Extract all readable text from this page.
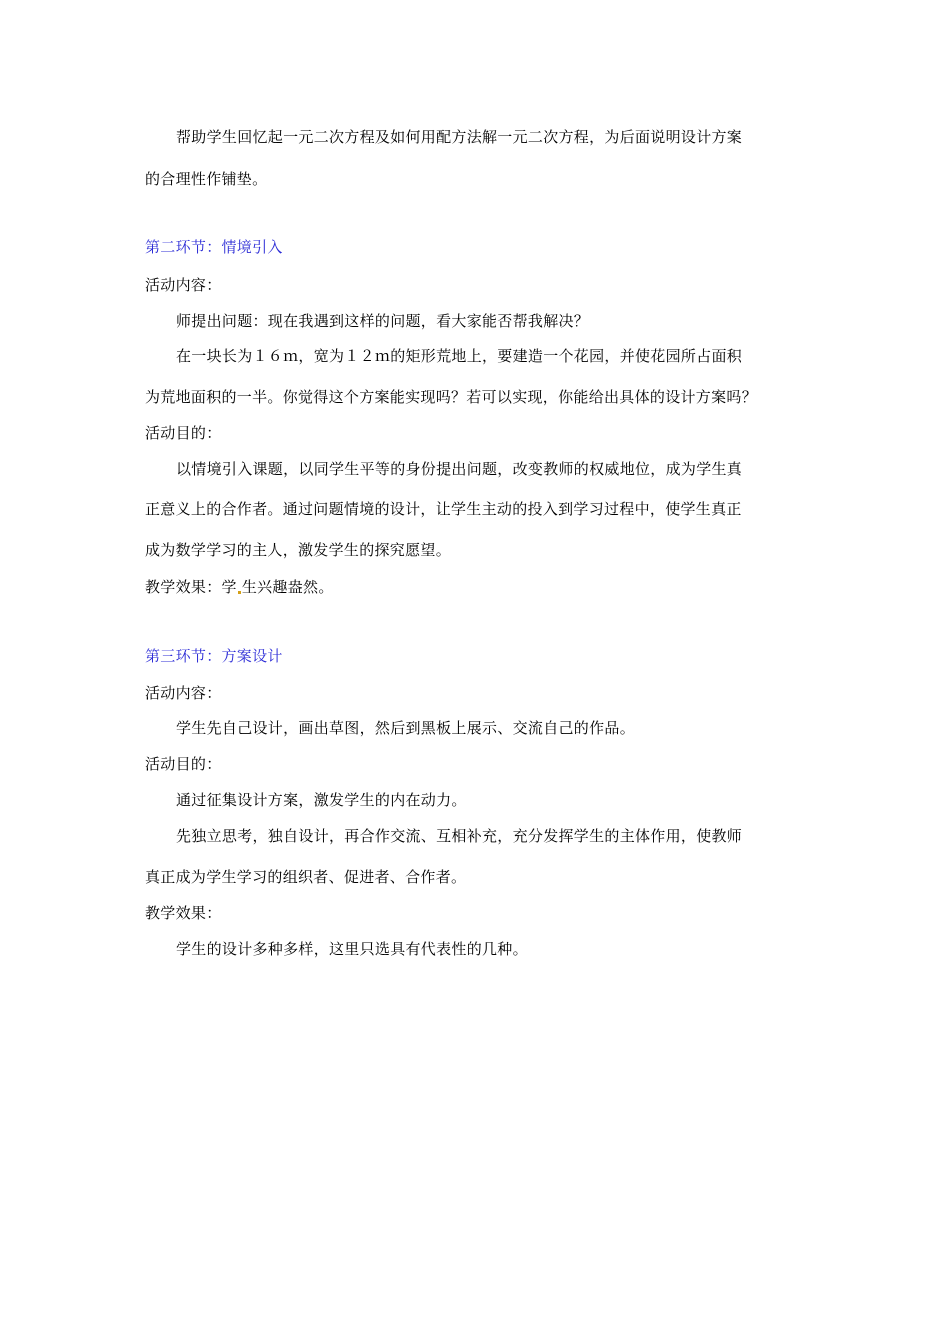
帮助学生回忆起一元二次方程及如何用配方法解一元二次方程，为后面说明设计方案
的合理性作铺垫。
第二环节：情境引入
活动内容：
师提出问题：现在我遇到这样的问题，看大家能否帮我解决？
在一块长为１６ｍ，宽为１２ｍ的矩形荒地上，要建造一个花园，并使花园所占面积
为荒地面积的一半。你觉得这个方案能实现吗？若可以实现，你能给出具体的设计方案吗？
活动目的：
以情境引入课题，以同学生平等的身份提出问题，改变教师的权威地位，成为学生真
正意义上的合作者。通过问题情境的设计，让学生主动的投入到学习过程中，使学生真正
成为数学学习的主人，激发学生的探究愿望。
教学效果：学 生兴趣盎然。
第三环节：方案设计
活动内容：
学生先自己设计，画出草图，然后到黑板上展示、交流自己的作品。
活动目的：
通过征集设计方案，激发学生的内在动力。
先独立思考，独自设计，再合作交流、互相补充，充分发挥学生的主体作用，使教师
真正成为学生学习的组织者、促进者、合作者。
教学效果：
学生的设计多种多样，这里只选具有代表性的几种。
